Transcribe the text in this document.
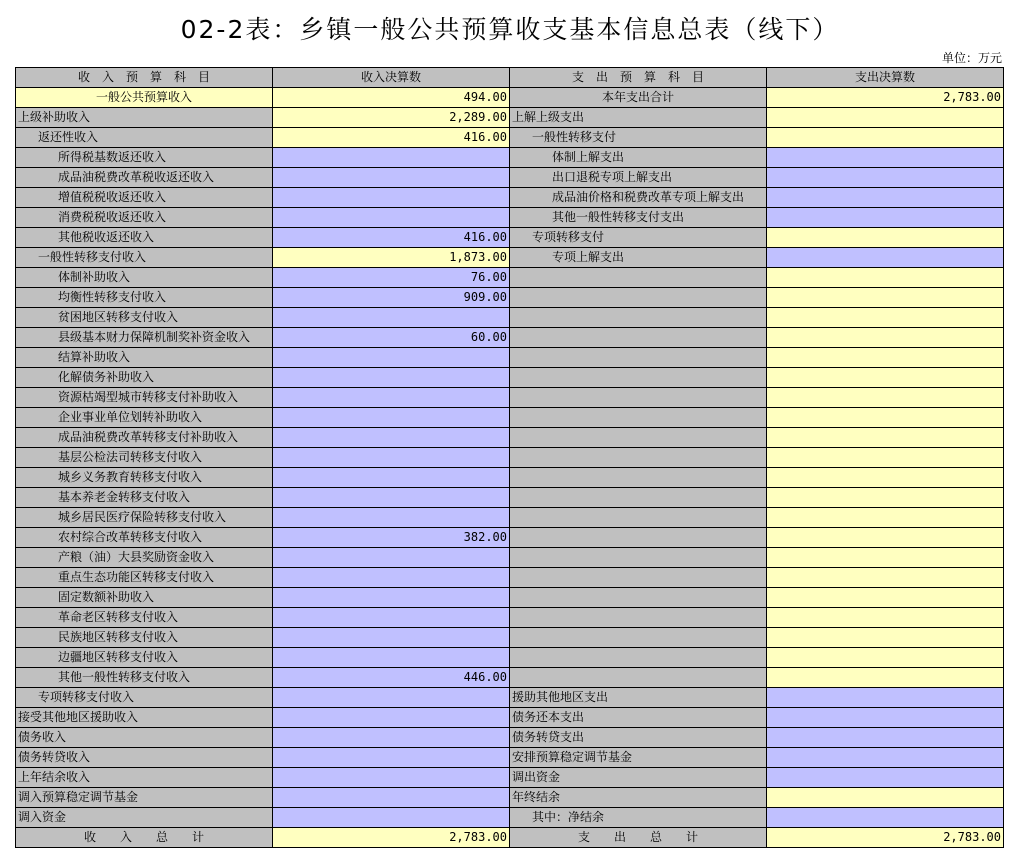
02-2表：乡镇一般公共预算收支基本信息总表（线下）
单位：万元
收　入　预　算　科　目	收入决算数	支　出　预　算　科　目	支出决算数
一般公共预算收入	494.00	本年支出合计	2,783.00
上级补助收入	2,289.00	上解上级支出	
返还性收入	416.00	一般性转移支付	
所得税基数返还收入		体制上解支出	
成品油税费改革税收返还收入		出口退税专项上解支出	
增值税税收返还收入		成品油价格和税费改革专项上解支出	
消费税税收返还收入		其他一般性转移支付支出	
其他税收返还收入	416.00	专项转移支付	
一般性转移支付收入	1,873.00	专项上解支出	
体制补助收入	76.00		
均衡性转移支付收入	909.00		
贫困地区转移支付收入			
县级基本财力保障机制奖补资金收入	60.00		
结算补助收入			
化解债务补助收入			
资源枯竭型城市转移支付补助收入			
企业事业单位划转补助收入			
成品油税费改革转移支付补助收入			
基层公检法司转移支付收入			
城乡义务教育转移支付收入			
基本养老金转移支付收入			
城乡居民医疗保险转移支付收入			
农村综合改革转移支付收入	382.00		
产粮（油）大县奖励资金收入			
重点生态功能区转移支付收入			
固定数额补助收入			
革命老区转移支付收入			
民族地区转移支付收入			
边疆地区转移支付收入			
其他一般性转移支付收入	446.00		
专项转移支付收入		援助其他地区支出	
接受其他地区援助收入		债务还本支出	
债务收入		债务转贷支出	
债务转贷收入		安排预算稳定调节基金	
上年结余收入		调出资金	
调入预算稳定调节基金		年终结余	
调入资金		其中：净结余	
收　　入　　总　　计	2,783.00	支　　出　　总　　计	2,783.00
